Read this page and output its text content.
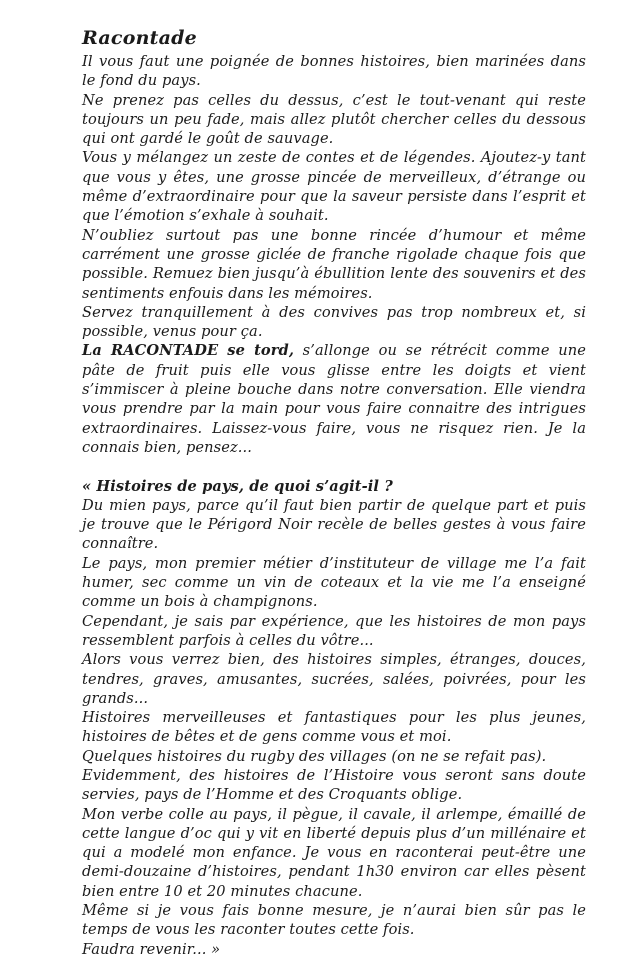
Racontade

Il vous faut une poignée de bonnes histoires, bien marinées dans le fond du pays.

Ne prenez pas celles du dessus, c’est le tout-venant qui reste toujours un peu fade, mais allez plutôt chercher celles du dessous qui ont gardé le goût de sauvage.

Vous y mélangez un zeste de contes et de légendes. Ajoutez-y tant que vous y êtes, une grosse pincée de merveilleux, d’étrange ou même d’extraordinaire pour que la saveur persiste dans l’esprit et que l’émotion s’exhale à souhait.

N’oubliez surtout pas une bonne rincée d’humour et même carrément une grosse giclée de franche rigolade chaque fois que possible. Remuez bien jusqu’à ébullition lente des souvenirs et des sentiments enfouis dans les mémoires.

Servez tranquillement à des convives pas trop nombreux et, si possible, venus pour ça.

La RACONTADE se tord, s’allonge ou se rétrécit comme une pâte de fruit puis elle vous glisse entre les doigts et vient s’immiscer à pleine bouche dans notre conversation. Elle viendra vous prendre par la main pour vous faire connaitre des intrigues extraordinaires. Laissez-vous faire, vous ne risquez rien. Je la connais bien, pensez...

« Histoires de pays, de quoi s’agit-il ?

Du mien pays, parce qu’il faut bien partir de quelque part et puis je trouve que le Périgord Noir recèle de belles gestes à vous faire connaître.

Le pays, mon premier métier d’instituteur de village me l’a fait humer, sec comme un vin de coteaux et la vie me l’a enseigné comme un bois à champignons.

Cependant, je sais par expérience, que les histoires de mon pays ressemblent parfois à celles du vôtre...

Alors vous verrez bien, des histoires simples, étranges, douces, tendres, graves, amusantes, sucrées, salées, poivrées, pour les grands...

Histoires merveilleuses et fantastiques pour les plus jeunes, histoires de bêtes et de gens comme vous et moi.

Quelques histoires du rugby des villages (on ne se refait pas).

Evidemment, des histoires de l’Histoire vous seront sans doute servies, pays de l’Homme et des Croquants oblige.

Mon verbe colle au pays, il pègue, il cavale, il arlempe, émaillé de cette langue d’oc qui y vit en liberté depuis plus d’un millénaire et qui a modelé mon enfance. Je vous en raconterai peut-être une demi-douzaine d’histoires, pendant 1h30 environ car elles pèsent bien entre 10 et 20 minutes chacune.

Même si je vous fais bonne mesure, je n’aurai bien sûr pas le temps de vous les raconter toutes cette fois.

Faudra revenir... »
